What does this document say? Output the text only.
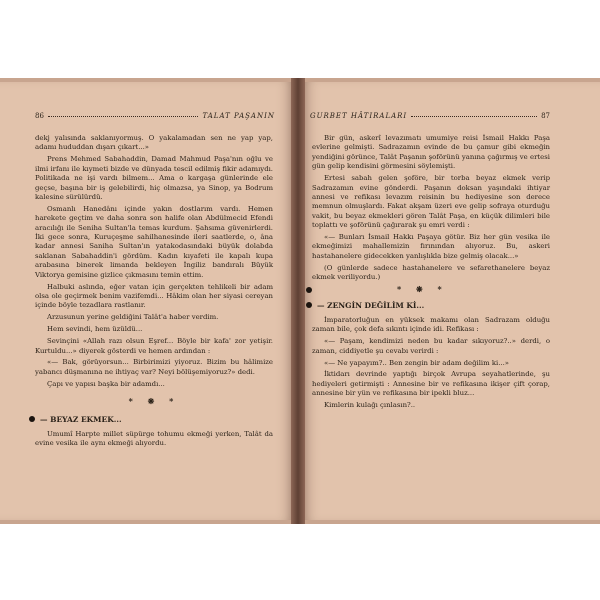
86	TALAT PAŞANIN

dekj yalısında saklanıyormuş. O yakalamadan sen ne yap yap, adamı hududdan dışarı çıkart...»

Prens Mehmed Sabahaddin, Damad Mahmud Paşa'nın oğlu ve ilmi irfanı ile kıymeti bizde ve dünyada tescil edilmiş fikir adamıydı. Politikada ne işi vardı bilmem... Ama o kargaşa günlerinde ele geçse, başına bir iş gelebilirdi, hiç olmazsa, ya Sinop, ya Bodrum kalesine sürülürdü.

Osmanlı Hanedânı içinde yakın dostlarım vardı. Hemen harekete geçtim ve daha sonra son halife olan Abdülmecid Efendi aracılığı ile Seniha Sultan'la temas kurdum. Şahsıma güvenirlerdi. İki gece sonra, Kuruçeşme sahilhanesinde ileri saatlerde, o, âna kadar annesi Saniha Sultan'ın yatakodasındaki büyük dolabda saklanan Sabahaddin'i gördüm. Kadın kıyafeti ile kapalı kupa arabasına binerek limanda bekleyen İngiliz bandıralı Büyük Viktorya gemisine gizlice çıkmasını temin ettim.

Halbuki aslında, eğer vatan için gerçekten tehlikeli bir adam olsa ole geçirmek benim vazifemdi... Hâkim olan her siyasi cereyan içinde böyle tezadlara rastlanır.

Arzusunun yerine geldiğini Talât'a haber verdim.

Hem sevindi, hem üzüldü...

Sevinçini «Allah razı olsun Eşref... Böyle bir kafa' zor yetişir. Kurtuldu...» diyerek gösterdi ve hemen ardından :

«— Bak, görüyorsun... Birbirimizi yiyoruz. Bizim bu hâlimize yabancı düşmanına ne ihtiyaç var? Neyi bölüşemiyoruz?» dedi.

Çapı ve yapısı başka bir adamdı...

* ❋ *
— BEYAZ EKMEK...

Umumî Harpte millet süpürge tohumu ekmeği yerken, Talât da evine vesika ile aynı ekmeği alıyordu.

GURBET HÂTIRALARI	87

Bir gün, askerî levazımatı umumiye reisi İsmail Hakkı Paşa evlerine gelmişti. Sadrazamın evinde de bu çamur gibi ekmeğin yendiğini görünce, Talât Paşanın şoförünü yanına çağırmış ve ertesi gün gelip kendisini görmesini söylemişti.

Ertesi sabah gelen şoföre, bir torba beyaz ekmek verip Sadrazamın evine gönderdi. Paşanın doksan yaşındaki ihtiyar annesi ve refikası levazım reisinin bu hediyesine son derece memnun olmuşlardı. Fakat akşam üzeri eve gelip sofraya oturduğu vakit, bu beyaz ekmekleri gören Talât Paşa, en küçük dilimleri bile toplattı ve şoförünü çağırarak şu emri verdi :

«— Bunları İsmail Hakkı Paşaya götür. Biz her gün vesika ile ekmeğimizi mahallemizin fırınından alıyoruz. Bu, askeri hastahanelere gidecekken yanlışlıkla bize gelmiş olacak...»

(O günlerde sadece hastahanelere ve sefarethanelere beyaz ekmek veriliyordu.)

* ❋ *
— ZENGİN DEĞİLİM Kİ...

İmparatorluğun en yüksek makamı olan Sadrazam olduğu zaman bile, çok defa sıkıntı içinde idi. Refikası :

«— Paşam, kendimizi neden bu kadar sıkıyoruz?..» derdi, o zaman, ciddiyetle şu cevabı verirdi :

«— Ne yapayım?.. Ben zengin bir adam değilim ki...»

İktidarı devrinde yaptığı birçok Avrupa seyahatlerinde, şu hediyeleri getirmişti : Annesine bir ve refikasına ikişer çift çorap, annesine bir yün ve refikasına bir ipekli bluz...

Kimlerin kulağı çınlasın?..
